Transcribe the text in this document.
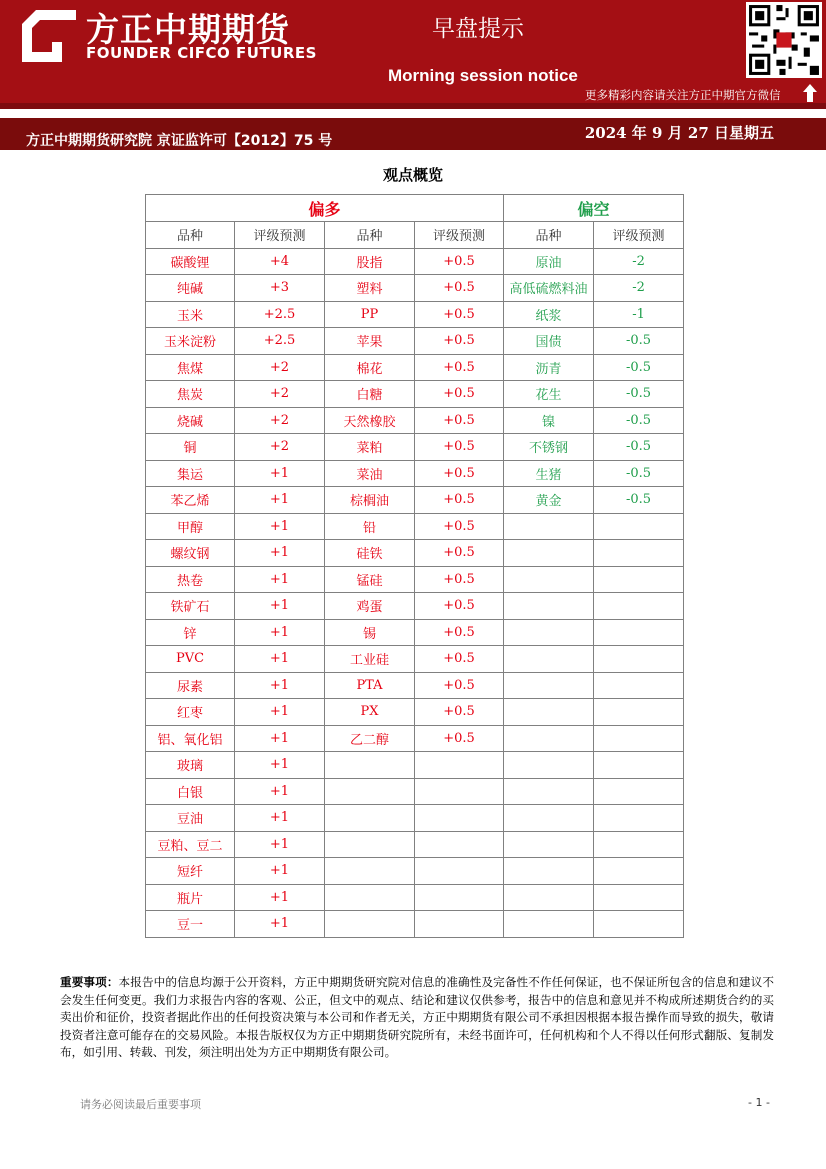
方正中期期货
FOUNDER CIFCO FUTURES
早盘提示
Morning session notice
更多精彩内容请关注方正中期官方微信
方正中期期货研究院 京证监许可【2012】75 号	2024 年 9 月 27 日星期五
观点概览
偏多				偏空	
品种	评级预测	品种	评级预测	品种	评级预测
碳酸锂	+4	股指	+0.5	原油	-2
纯碱	+3	塑料	+0.5	高低硫燃料油	-2
玉米	+2.5	PP	+0.5	纸浆	-1
玉米淀粉	+2.5	苹果	+0.5	国债	-0.5
焦煤	+2	棉花	+0.5	沥青	-0.5
焦炭	+2	白糖	+0.5	花生	-0.5
烧碱	+2	天然橡胶	+0.5	镍	-0.5
铜	+2	菜粕	+0.5	不锈钢	-0.5
集运	+1	菜油	+0.5	生猪	-0.5
苯乙烯	+1	棕榈油	+0.5	黄金	-0.5
甲醇	+1	铅	+0.5		
螺纹钢	+1	硅铁	+0.5		
热卷	+1	锰硅	+0.5		
铁矿石	+1	鸡蛋	+0.5		
锌	+1	锡	+0.5		
PVC	+1	工业硅	+0.5		
尿素	+1	PTA	+0.5		
红枣	+1	PX	+0.5		
铝、氧化铝	+1	乙二醇	+0.5		
玻璃	+1				
白银	+1				
豆油	+1				
豆粕、豆二	+1				
短纤	+1				
瓶片	+1				
豆一	+1				
重要事项：本报告中的信息均源于公开资料，方正中期期货研究院对信息的准确性及完备性不作任何保证，也不保证所包含的信息和建议不会发生任何变更。我们力求报告内容的客观、公正，但文中的观点、结论和建议仅供参考，报告中的信息和意见并不构成所述期货合约的买卖出价和征价，投资者据此作出的任何投资决策与本公司和作者无关，方正中期期货有限公司不承担因根据本报告操作而导致的损失，敬请投资者注意可能存在的交易风险。本报告版权仅为方正中期期货研究院所有，未经书面许可，任何机构和个人不得以任何形式翻版、复制发布，如引用、转载、刊发，须注明出处为方正中期期货有限公司。
请务必阅读最后重要事项	- 1 -
